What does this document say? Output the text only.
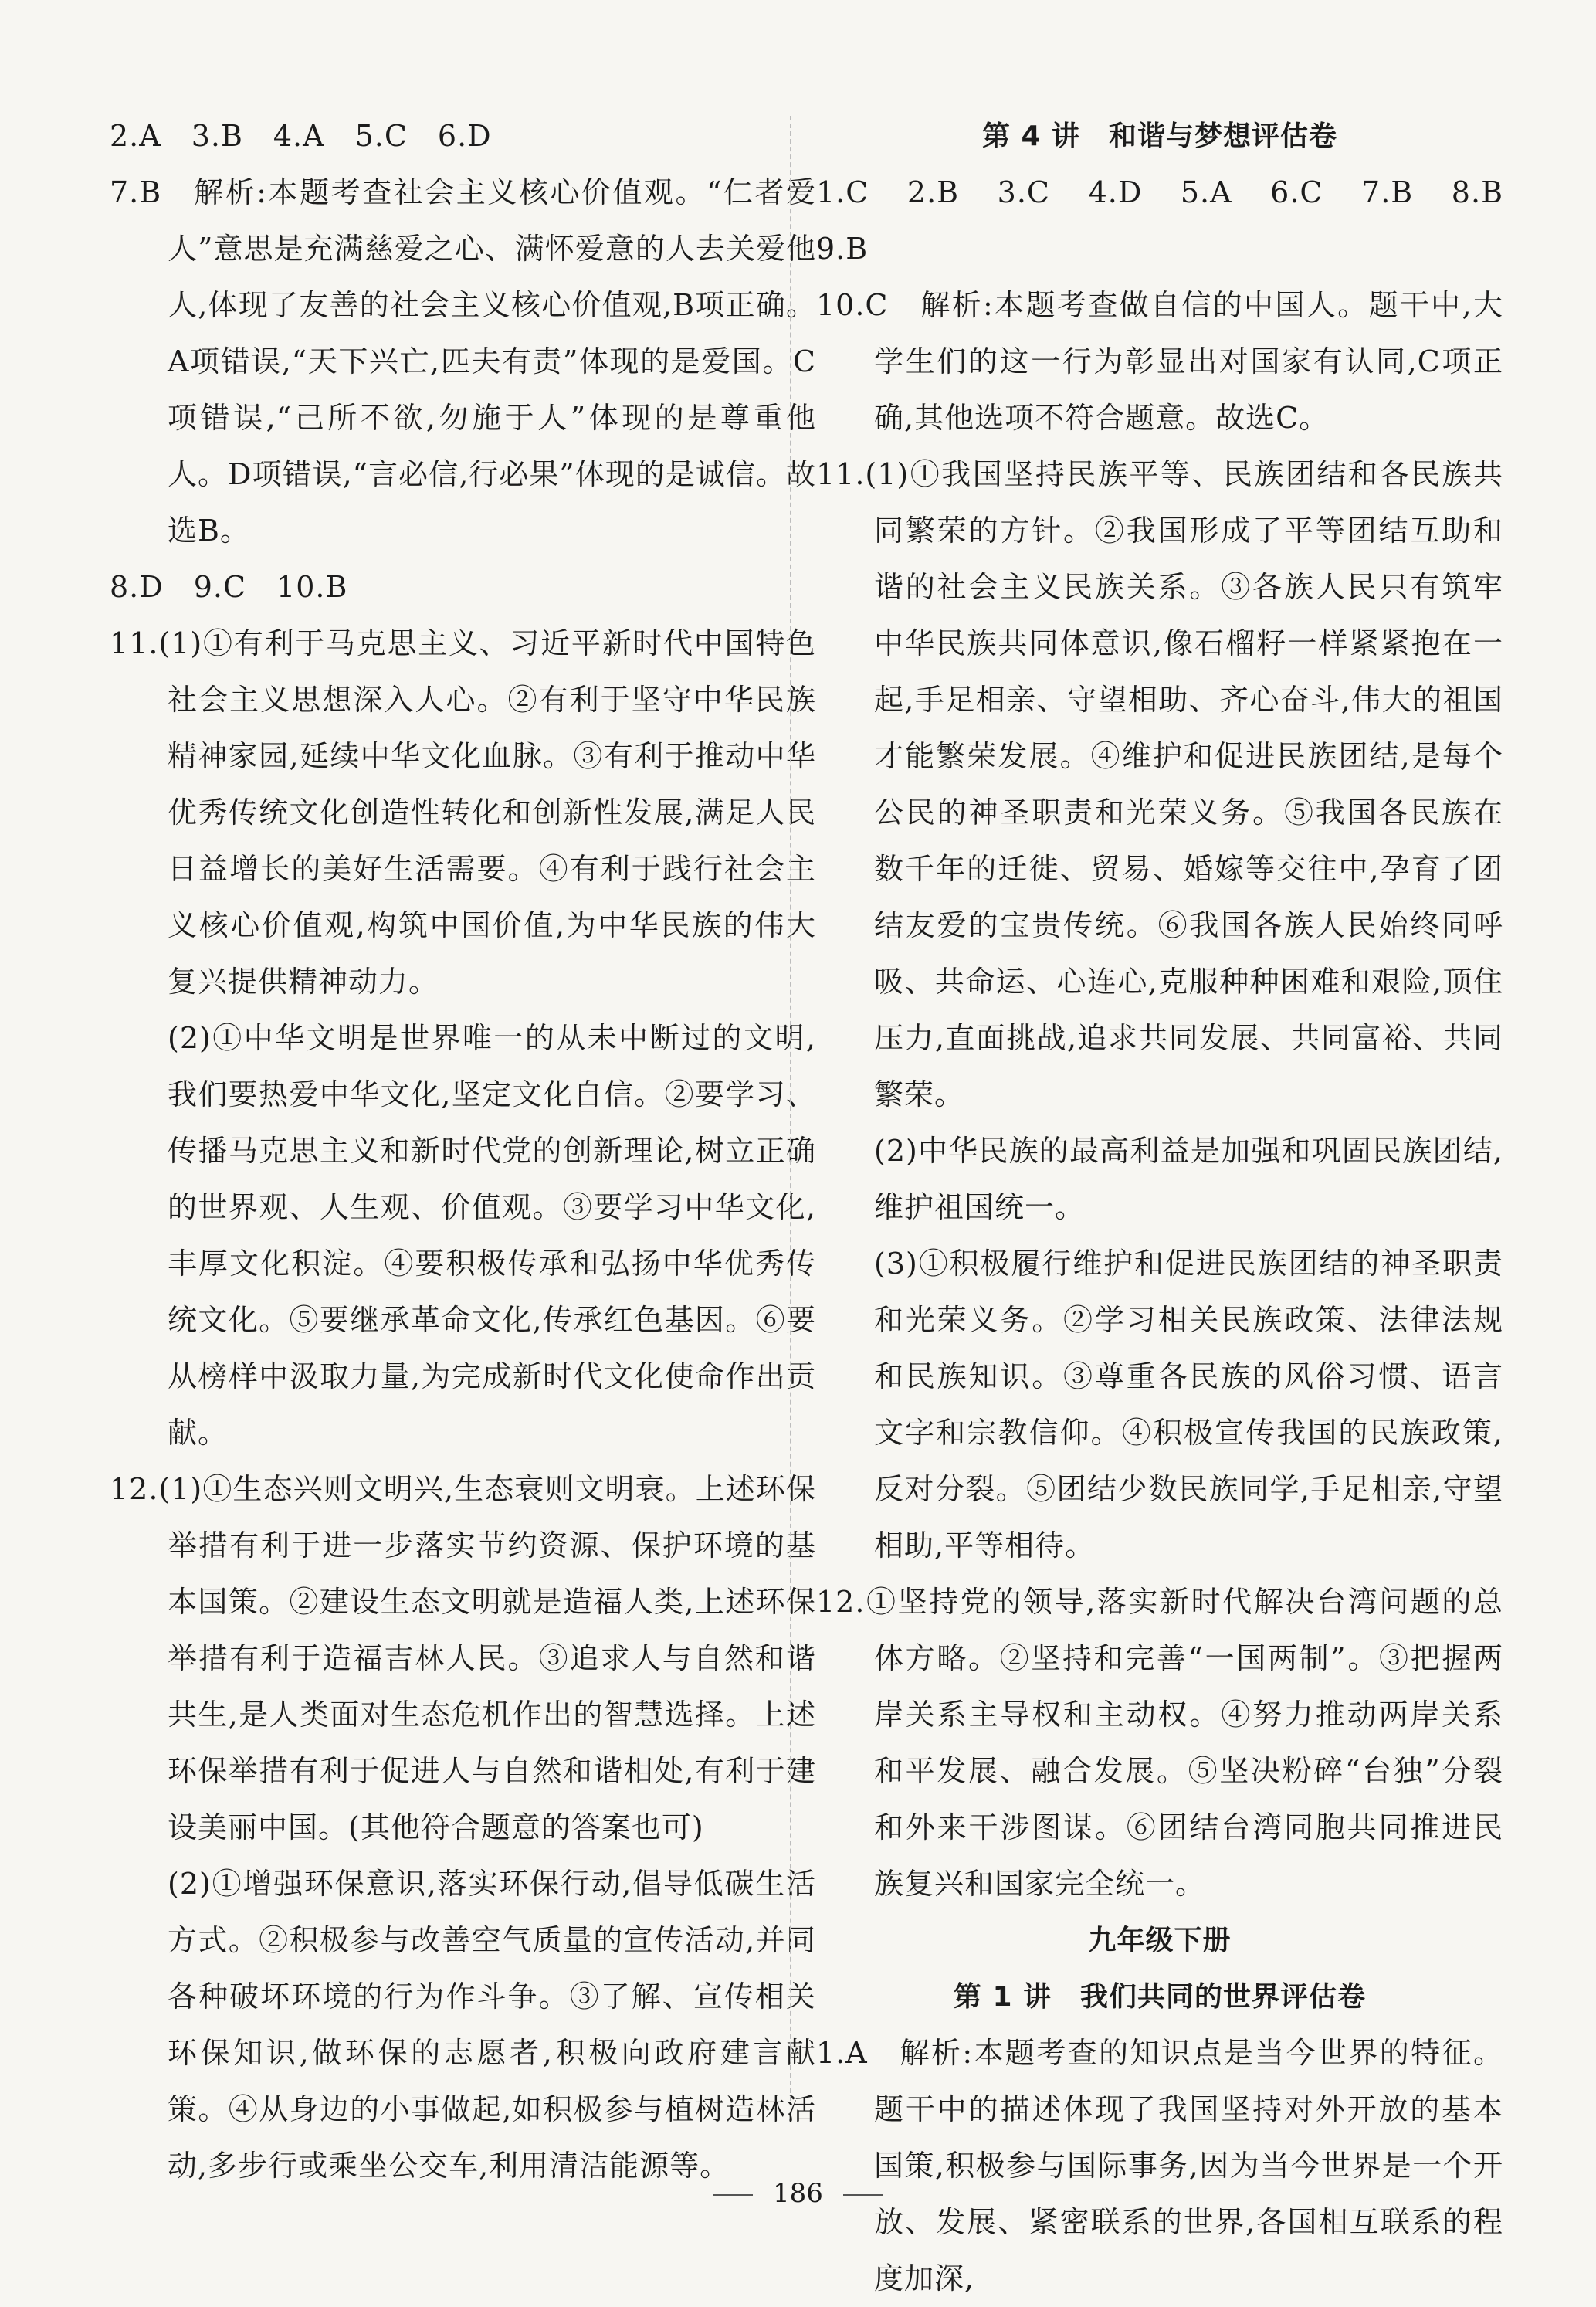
2.A　3.B　4.A　5.C　6.D

7.B　解析:本题考查社会主义核心价值观。“仁者爱人”意思是充满慈爱之心、满怀爱意的人去关爱他人,体现了友善的社会主义核心价值观,B项正确。A项错误,“天下兴亡,匹夫有责”体现的是爱国。C项错误,“己所不欲,勿施于人”体现的是尊重他人。D项错误,“言必信,行必果”体现的是诚信。故选B。

8.D　9.C　10.B

11.(1)①有利于马克思主义、习近平新时代中国特色社会主义思想深入人心。②有利于坚守中华民族精神家园,延续中华文化血脉。③有利于推动中华优秀传统文化创造性转化和创新性发展,满足人民日益增长的美好生活需要。④有利于践行社会主义核心价值观,构筑中国价值,为中华民族的伟大复兴提供精神动力。

(2)①中华文明是世界唯一的从未中断过的文明,我们要热爱中华文化,坚定文化自信。②要学习、传播马克思主义和新时代党的创新理论,树立正确的世界观、人生观、价值观。③要学习中华文化,丰厚文化积淀。④要积极传承和弘扬中华优秀传统文化。⑤要继承革命文化,传承红色基因。⑥要从榜样中汲取力量,为完成新时代文化使命作出贡献。

12.(1)①生态兴则文明兴,生态衰则文明衰。上述环保举措有利于进一步落实节约资源、保护环境的基本国策。②建设生态文明就是造福人类,上述环保举措有利于造福吉林人民。③追求人与自然和谐共生,是人类面对生态危机作出的智慧选择。上述环保举措有利于促进人与自然和谐相处,有利于建设美丽中国。(其他符合题意的答案也可)

(2)①增强环保意识,落实环保行动,倡导低碳生活方式。②积极参与改善空气质量的宣传活动,并同各种破坏环境的行为作斗争。③了解、宣传相关环保知识,做环保的志愿者,积极向政府建言献策。④从身边的小事做起,如积极参与植树造林活动,多步行或乘坐公交车,利用清洁能源等。

第 4 讲　和谐与梦想评估卷

1.C　2.B　3.C　4.D　5.A　6.C　7.B　8.B　9.B

10.C　解析:本题考查做自信的中国人。题干中,大学生们的这一行为彰显出对国家有认同,C项正确,其他选项不符合题意。故选C。

11.(1)①我国坚持民族平等、民族团结和各民族共同繁荣的方针。②我国形成了平等团结互助和谐的社会主义民族关系。③各族人民只有筑牢中华民族共同体意识,像石榴籽一样紧紧抱在一起,手足相亲、守望相助、齐心奋斗,伟大的祖国才能繁荣发展。④维护和促进民族团结,是每个公民的神圣职责和光荣义务。⑤我国各民族在数千年的迁徙、贸易、婚嫁等交往中,孕育了团结友爱的宝贵传统。⑥我国各族人民始终同呼吸、共命运、心连心,克服种种困难和艰险,顶住压力,直面挑战,追求共同发展、共同富裕、共同繁荣。

(2)中华民族的最高利益是加强和巩固民族团结,维护祖国统一。

(3)①积极履行维护和促进民族团结的神圣职责和光荣义务。②学习相关民族政策、法律法规和民族知识。③尊重各民族的风俗习惯、语言文字和宗教信仰。④积极宣传我国的民族政策,反对分裂。⑤团结少数民族同学,手足相亲,守望相助,平等相待。

12.①坚持党的领导,落实新时代解决台湾问题的总体方略。②坚持和完善“一国两制”。③把握两岸关系主导权和主动权。④努力推动两岸关系和平发展、融合发展。⑤坚决粉碎“台独”分裂和外来干涉图谋。⑥团结台湾同胞共同推进民族复兴和国家完全统一。

九年级下册

第 1 讲　我们共同的世界评估卷

1.A　解析:本题考查的知识点是当今世界的特征。题干中的描述体现了我国坚持对外开放的基本国策,积极参与国际事务,因为当今世界是一个开放、发展、紧密联系的世界,各国相互联系的程度加深,

186
